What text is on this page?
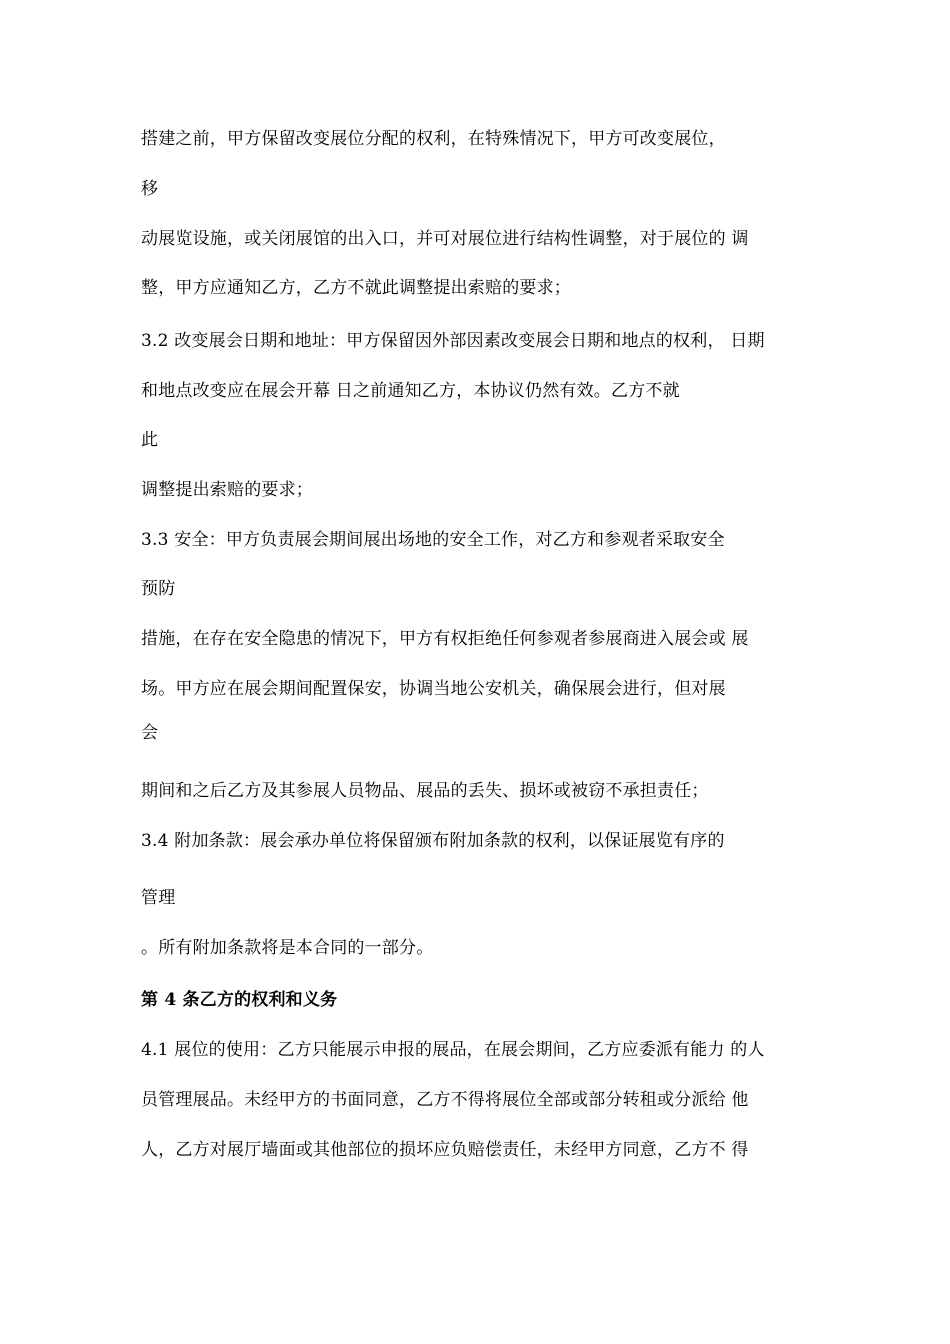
搭建之前，甲方保留改变展位分配的权利，在特殊情况下，甲方可改变展位，
移
动展览设施，或关闭展馆的出入口，并可对展位进行结构性调整，对于展位的 调
整，甲方应通知乙方，乙方不就此调整提出索赔的要求；
3.2 改变展会日期和地址：甲方保留因外部因素改变展会日期和地点的权利， 日期
和地点改变应在展会开幕 日之前通知乙方，本协议仍然有效。乙方不就
此
调整提出索赔的要求；
3.3 安全：甲方负责展会期间展出场地的安全工作，对乙方和参观者采取安全
预防
措施，在存在安全隐患的情况下，甲方有权拒绝任何参观者参展商进入展会或 展
场。甲方应在展会期间配置保安，协调当地公安机关，确保展会进行，但对展
会
期间和之后乙方及其参展人员物品、展品的丢失、损坏或被窃不承担责任；
3.4 附加条款：展会承办单位将保留颁布附加条款的权利，以保证展览有序的
管理
。所有附加条款将是本合同的一部分。
第 4 条乙方的权利和义务
4.1 展位的使用：乙方只能展示申报的展品，在展会期间，乙方应委派有能力 的人
员管理展品。未经甲方的书面同意，乙方不得将展位全部或部分转租或分派给 他
人，乙方对展厅墙面或其他部位的损坏应负赔偿责任，未经甲方同意，乙方不 得
